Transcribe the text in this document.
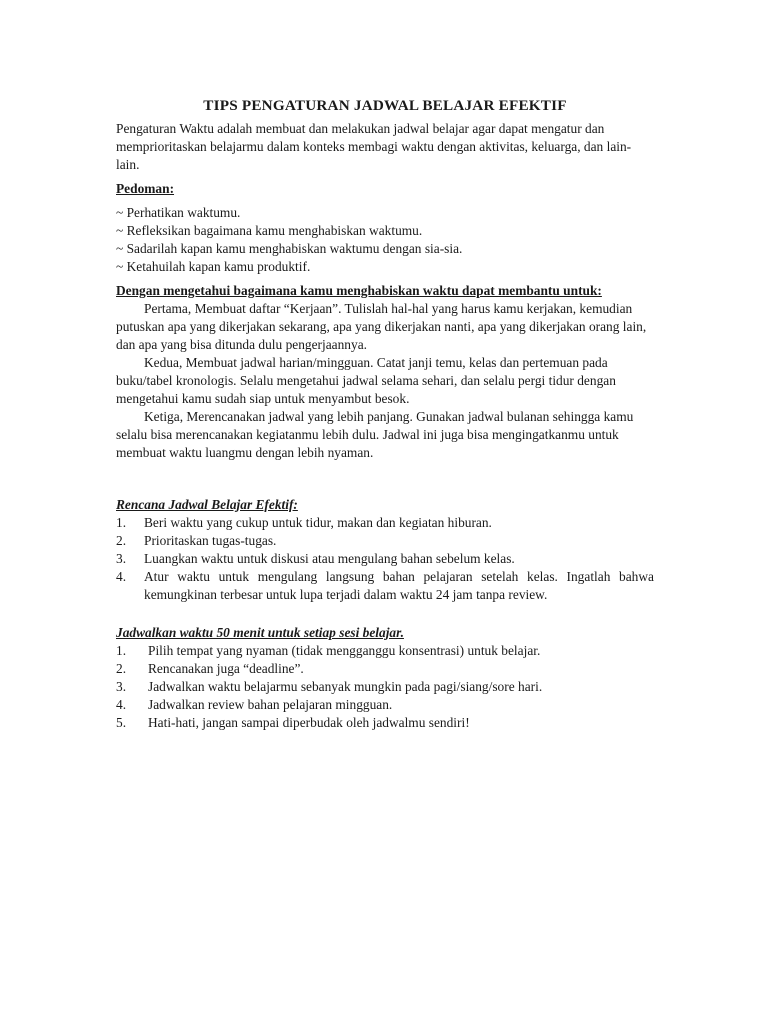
TIPS PENGATURAN JADWAL BELAJAR EFEKTIF

Pengaturan Waktu adalah membuat dan melakukan jadwal belajar agar dapat mengatur dan memprioritaskan belajarmu dalam konteks membagi waktu dengan aktivitas, keluarga, dan lain-lain.

Pedoman:

~ Perhatikan waktumu.
~ Refleksikan bagaimana kamu menghabiskan waktumu.
~ Sadarilah kapan kamu menghabiskan waktumu dengan sia-sia.
~ Ketahuilah kapan kamu produktif.

Dengan mengetahui bagaimana kamu menghabiskan waktu dapat membantu untuk:

Pertama, Membuat daftar “Kerjaan”. Tulislah hal-hal yang harus kamu kerjakan, kemudian putuskan apa yang dikerjakan sekarang, apa yang dikerjakan nanti, apa yang dikerjakan orang lain, dan apa yang bisa ditunda dulu pengerjaannya.

Kedua, Membuat jadwal harian/mingguan. Catat janji temu, kelas dan pertemuan pada buku/tabel kronologis. Selalu mengetahui jadwal selama sehari, dan selalu pergi tidur dengan mengetahui kamu sudah siap untuk menyambut besok.

Ketiga, Merencanakan jadwal yang lebih panjang. Gunakan jadwal bulanan sehingga kamu selalu bisa merencanakan kegiatanmu lebih dulu. Jadwal ini juga bisa mengingatkanmu untuk membuat waktu luangmu dengan lebih nyaman.

Rencana Jadwal Belajar Efektif:

1.	Beri waktu yang cukup untuk tidur, makan dan kegiatan hiburan.
2.	Prioritaskan tugas-tugas.
3.	Luangkan waktu untuk diskusi atau mengulang bahan sebelum kelas.
4.	Atur waktu untuk mengulang langsung bahan pelajaran setelah kelas. Ingatlah bahwa kemungkinan terbesar untuk lupa terjadi dalam waktu 24 jam tanpa review.

Jadwalkan waktu 50 menit untuk setiap sesi belajar.

1.	Pilih tempat yang nyaman (tidak mengganggu konsentrasi) untuk belajar.
2.	Rencanakan juga “deadline”.
3.	Jadwalkan waktu belajarmu sebanyak mungkin pada pagi/siang/sore hari.
4.	Jadwalkan review bahan pelajaran mingguan.
5.	Hati-hati, jangan sampai diperbudak oleh jadwalmu sendiri!
